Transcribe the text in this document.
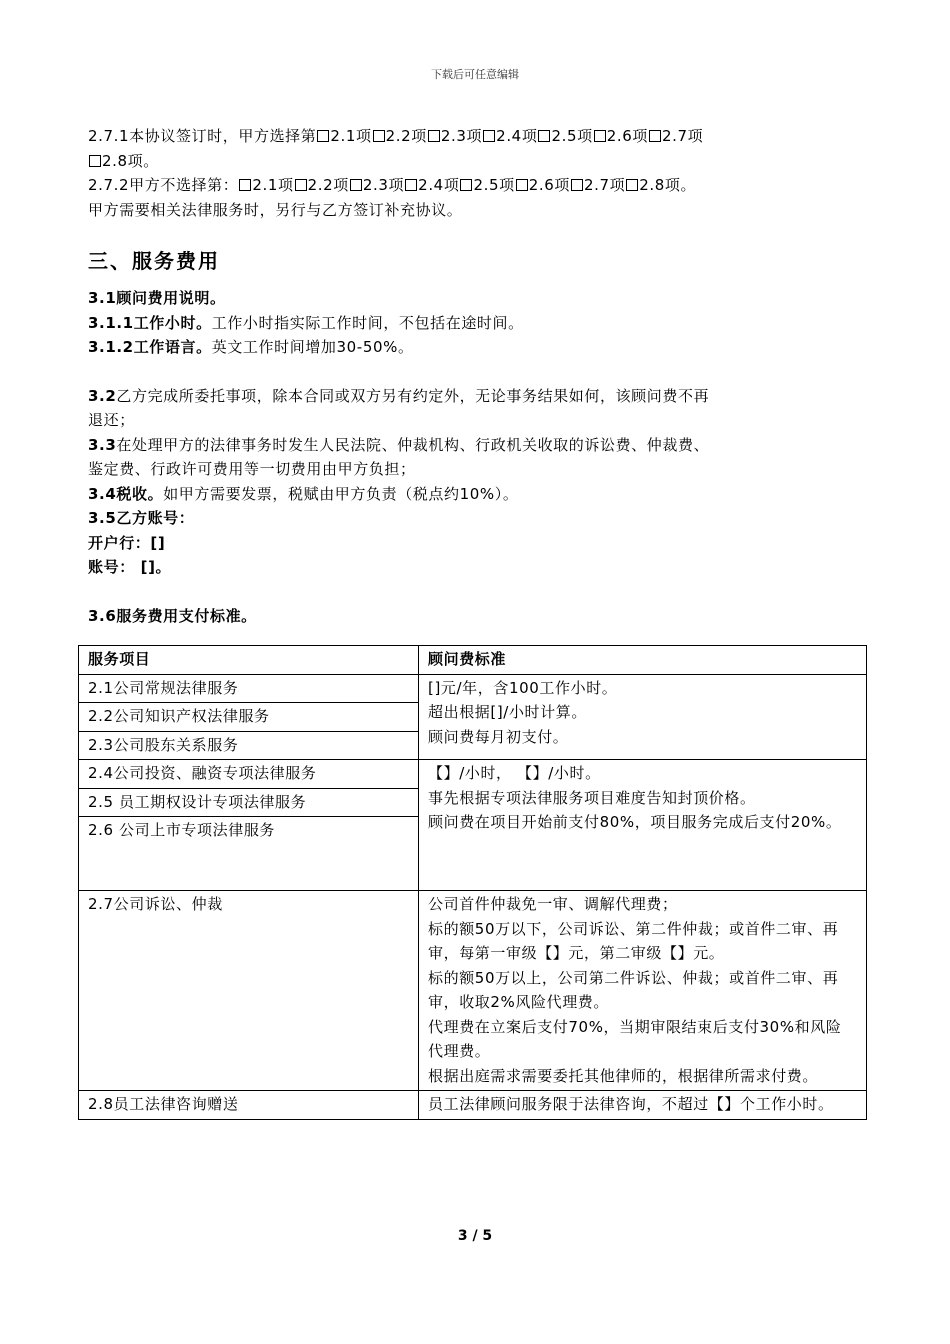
下载后可任意编辑

2.7.1本协议签订时，甲方选择第 2.1项 2.2项 2.3项 2.4项 2.5项 2.6项 2.7项
2.8项。

2.7.2甲方不选择第： 2.1项 2.2项 2.3项 2.4项 2.5项 2.6项 2.7项 2.8项。

甲方需要相关法律服务时，另行与乙方签订补充协议。

三、服务费用

3.1顾问费用说明。

3.1.1工作小时。工作小时指实际工作时间，不包括在途时间。

3.1.2工作语言。英文工作时间增加30-50%。

3.2乙方完成所委托事项，除本合同或双方另有约定外，无论事务结果如何，该顾问费不再
退还；

3.3在处理甲方的法律事务时发生人民法院、仲裁机构、行政机关收取的诉讼费、仲裁费、
鉴定费、行政许可费用等一切费用由甲方负担；

3.4税收。如甲方需要发票，税赋由甲方负责（税点约10%）。

3.5乙方账号：

开户行：[]

账号： []。

3.6服务费用支付标准。

服务项目	顾问费标准
2.1公司常规法律服务	[]元/年，含100工作小时。
超出根据[]/小时计算。
顾问费每月初支付。

2.2公司知识产权法律服务	
2.3公司股东关系服务	
2.4公司投资、融资专项法律服务	【】/小时， 【】/小时。
事先根据专项法律服务项目难度告知封顶价格。
顾问费在项目开始前支付80%，项目服务完成后支付20%。

2.5 员工期权设计专项法律服务	
2.6 公司上市专项法律服务	
2.7公司诉讼、仲裁	公司首件仲裁免一审、调解代理费；
标的额50万以下，公司诉讼、第二件仲裁；或首件二审、再审，每第一审级【】元，第二审级【】元。
标的额50万以上，公司第二件诉讼、仲裁；或首件二审、再审，收取2%风险代理费。
代理费在立案后支付70%，当期审限结束后支付30%和风险代理费。
根据出庭需求需要委托其他律师的，根据律所需求付费。

2.8员工法律咨询赠送	员工法律顾问服务限于法律咨询，不超过【】个工作小时。
3 / 5
